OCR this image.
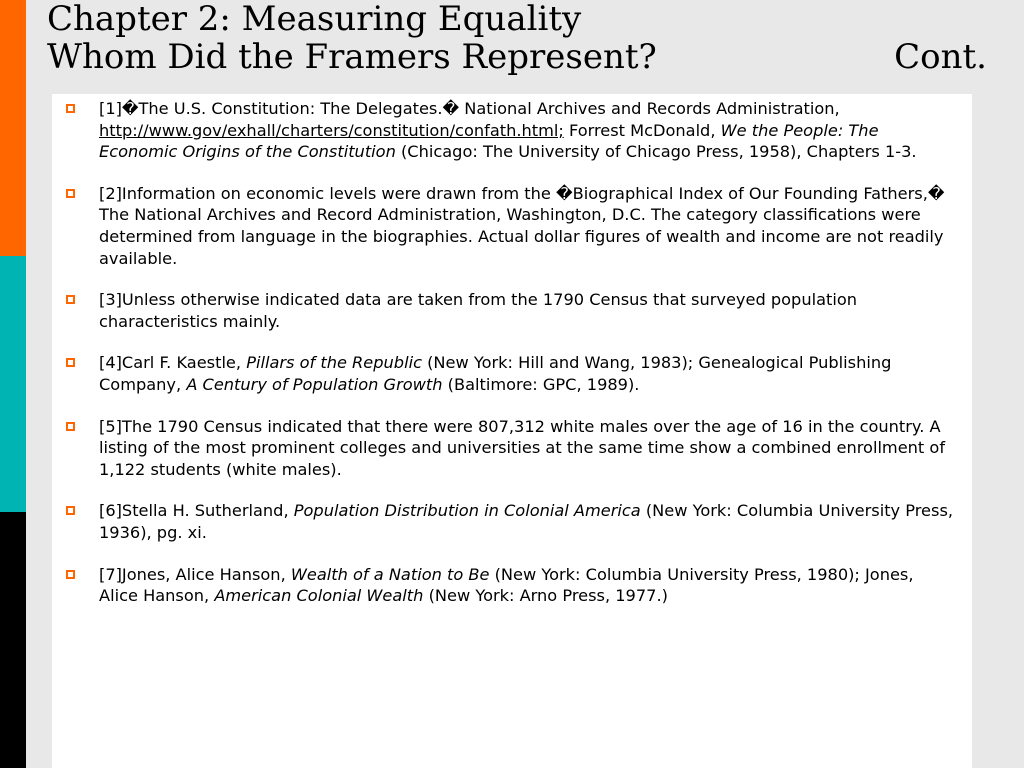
Chapter 2: Measuring Equality
Whom Did the Framers Represent?	Cont.
[1]�The U.S. Constitution: The Delegates.� National Archives and Records Administration, http://www.gov/exhall/charters/constitution/confath.html; Forrest McDonald, We the People: The Economic Origins of the Constitution (Chicago: The University of Chicago Press, 1958), Chapters 1-3.
[2]Information on economic levels were drawn from the �Biographical Index of Our Founding Fathers,� The National Archives and Record Administration, Washington, D.C. The category classifications were determined from language in the biographies. Actual dollar figures of wealth and income are not readily available.
[3]Unless otherwise indicated data are taken from the 1790 Census that surveyed population characteristics mainly.
[4]Carl F. Kaestle, Pillars of the Republic (New York: Hill and Wang, 1983); Genealogical Publishing Company, A Century of Population Growth (Baltimore: GPC, 1989).
[5]The 1790 Census indicated that there were 807,312 white males over the age of 16 in the country. A listing of the most prominent colleges and universities at the same time show a combined enrollment of 1,122 students (white males).
[6]Stella H. Sutherland, Population Distribution in Colonial America (New York: Columbia University Press, 1936), pg. xi.
[7]Jones, Alice Hanson, Wealth of a Nation to Be (New York: Columbia University Press, 1980); Jones, Alice Hanson, American Colonial Wealth (New York: Arno Press, 1977.)
